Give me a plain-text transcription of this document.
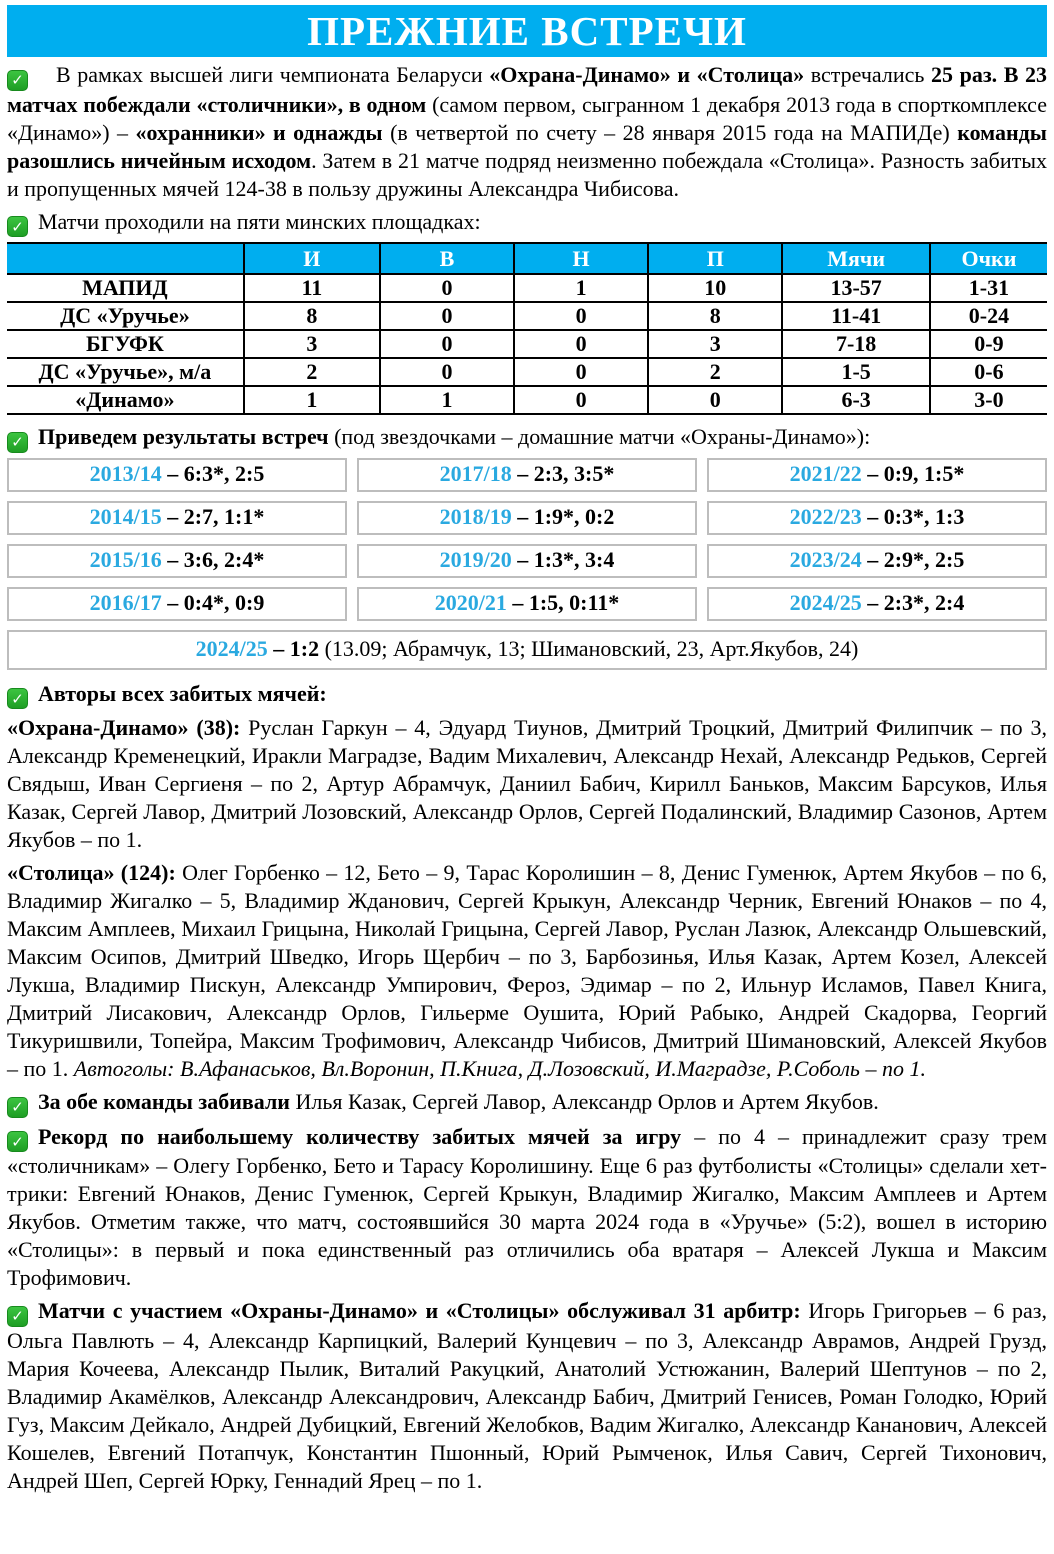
ПРЕЖНИЕ ВСТРЕЧИ

✓ В рамках высшей лиги чемпионата Беларуси «Охрана-Динамо» и «Столица» встречались 25 раз. В 23 матчах побеждали «столичники», в одном (самом первом, сыгранном 1 декабря 2013 года в спорткомплексе «Динамо») – «охранники» и однажды (в четвертой по счету – 28 января 2015 года на МАПИДе) команды разошлись ничейным исходом. Затем в 21 матче подряд неизменно побеждала «Столица». Разность забитых и пропущенных мячей 124-38 в пользу дружины Александра Чибисова.

✓ Матчи проходили на пяти минских площадках:

	И	В	Н	П	Мячи	Очки
МАПИД	11	0	1	10	13-57	1-31
ДС «Уручье»	8	0	0	8	11-41	0-24
БГУФК	3	0	0	3	7-18	0-9
ДС «Уручье», м/а	2	0	0	2	1-5	0-6
«Динамо»	1	1	0	0	6-3	3-0

✓ Приведем результаты встреч (под звездочками – домашние матчи «Охраны-Динамо»):

2013/14 – 6:3*, 2:5	2017/18 – 2:3, 3:5*	2021/22 – 0:9, 1:5*
2014/15 – 2:7, 1:1*	2018/19 – 1:9*, 0:2	2022/23 – 0:3*, 1:3
2015/16 – 3:6, 2:4*	2019/20 – 1:3*, 3:4	2023/24 – 2:9*, 2:5
2016/17 – 0:4*, 0:9	2020/21 – 1:5, 0:11*	2024/25 – 2:3*, 2:4
2024/25 – 1:2 (13.09; Абрамчук, 13; Шимановский, 23, Арт.Якубов, 24)

✓ Авторы всех забитых мячей:

«Охрана-Динамо» (38): Руслан Гаркун – 4, Эдуард Тиунов, Дмитрий Троцкий, Дмитрий Филипчик – по 3, Александр Кременецкий, Иракли Маградзе, Вадим Михалевич, Александр Нехай, Александр Редьков, Сергей Свядыш, Иван Сергиеня – по 2, Артур Абрамчук, Даниил Бабич, Кирилл Баньков, Максим Барсуков, Илья Казак, Сергей Лавор, Дмитрий Лозовский, Александр Орлов, Сергей Подалинский, Владимир Сазонов, Артем Якубов – по 1.

«Столица» (124): Олег Горбенко – 12, Бето – 9, Тарас Королишин – 8, Денис Гуменюк, Артем Якубов – по 6, Владимир Жигалко – 5, Владимир Жданович, Сергей Крыкун, Александр Черник, Евгений Юнаков – по 4, Максим Амплеев, Михаил Грицына, Николай Грицына, Сергей Лавор, Руслан Лазюк, Александр Ольшевский, Максим Осипов, Дмитрий Шведко, Игорь Щербич – по 3, Барбозинья, Илья Казак, Артем Козел, Алексей Лукша, Владимир Пискун, Александр Умпирович, Фероз, Эдимар – по 2, Ильнур Исламов, Павел Книга, Дмитрий Лисакович, Александр Орлов, Гильерме Оушита, Юрий Рабыко, Андрей Скадорва, Георгий Тикуришвили, Топейра, Максим Трофимович, Александр Чибисов, Дмитрий Шимановский, Алексей Якубов – по 1. Автоголы: В.Афанаськов, Вл.Воронин, П.Книга, Д.Лозовский, И.Маградзе, Р.Соболь – по 1.

✓ За обе команды забивали Илья Казак, Сергей Лавор, Александр Орлов и Артем Якубов.

✓ Рекорд по наибольшему количеству забитых мячей за игру – по 4 – принадлежит сразу трем «столичникам» – Олегу Горбенко, Бето и Тарасу Королишину. Еще 6 раз футболисты «Столицы» сделали хет-трики: Евгений Юнаков, Денис Гуменюк, Сергей Крыкун, Владимир Жигалко, Максим Амплеев и Артем Якубов. Отметим также, что матч, состоявшийся 30 марта 2024 года в «Уручье» (5:2), вошел в историю «Столицы»: в первый и пока единственный раз отличились оба вратаря – Алексей Лукша и Максим Трофимович.

✓ Матчи с участием «Охраны-Динамо» и «Столицы» обслуживал 31 арбитр: Игорь Григорьев – 6 раз, Ольга Павлють – 4, Александр Карпицкий, Валерий Кунцевич – по 3, Александр Аврамов, Андрей Грузд, Мария Кочеева, Александр Пылик, Виталий Ракуцкий, Анатолий Устюжанин, Валерий Шептунов – по 2, Владимир Акамёлков, Александр Александрович, Александр Бабич, Дмитрий Генисев, Роман Голодко, Юрий Гуз, Максим Дейкало, Андрей Дубицкий, Евгений Желобков, Вадим Жигалко, Александр Кананович, Алексей Кошелев, Евгений Потапчук, Константин Пшонный, Юрий Рымченок, Илья Савич, Сергей Тихонович, Андрей Шеп, Сергей Юрку, Геннадий Ярец – по 1.
